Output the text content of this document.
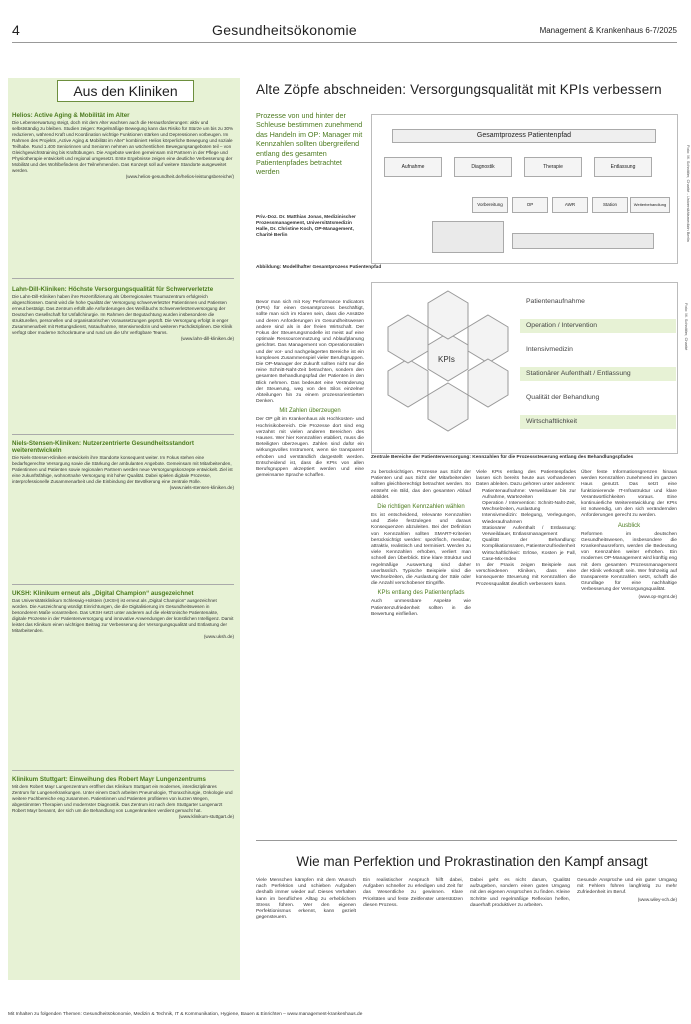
4	Gesundheitsökonomie	Management & Krankenhaus 6-7/2025
Aus den Kliniken
Helios: Active Aging & Mobilität im Alter
Die Lebenserwartung steigt, doch mit dem Alter wachsen auch die Herausforderungen: aktiv und selbstständig zu bleiben. Studien zeigen: Regelmäßige Bewegung kann das Risiko für Stürze um bis zu 30% reduzieren, während Kraft und Koordination wichtige Funktionen stärken und Depressionen vorbeugen. Im Rahmen des Projekts „Active Aging & Mobilität im Alter“ kombiniert Helios körperliche Bewegung und soziale Teilhabe. Rund 1.400 Seniorinnen und Senioren nehmen an wöchentlichen Bewegungsangeboten teil – von Gleichgewichtstraining bis Kraftübungen. Die Angebote werden gemeinsam mit Partnern in der Pflege und Physiotherapie entwickelt und regional umgesetzt. Erste Ergebnisse zeigen eine deutliche Verbesserung der Mobilität und des Wohlbefindens der Teilnehmenden. Das Konzept soll auf weitere Standorte ausgeweitet werden.
(www.helios-gesundheit.de/helios-leistungsbereiche/)
Lahn-Dill-Kliniken: Höchste Versorgungsqualität für Schwerverletzte
Die Lahn-Dill-Kliniken haben ihre Rezertifizierung als Überregionales Traumazentrum erfolgreich abgeschlossen. Damit wird die hohe Qualität der Versorgung schwerverletzter Patientinnen und Patienten erneut bestätigt. Das Zentrum erfüllt alle Anforderungen des Weißbuchs Schwerverletztenversorgung der Deutschen Gesellschaft für Unfallchirurgie. Im Rahmen der Begutachtung wurden insbesondere die strukturellen, personellen und organisatorischen Voraussetzungen geprüft. Die Versorgung erfolgt in enger Zusammenarbeit mit Rettungsdienst, Notaufnahme, Intensivmedizin und weiteren Fachdisziplinen. Die Klinik verfügt über moderne Schockräume und rund um die Uhr verfügbare Teams.
(www.lahn-dill-kliniken.de)
Niels-Stensen-Kliniken: Nutzerzentrierte Gesundheitsstandort weiterentwickeln
Die Niels-Stensen-Kliniken entwickeln ihre Standorte konsequent weiter. Im Fokus stehen eine bedarfsgerechte Versorgung sowie die Stärkung der ambulanten Angebote. Gemeinsam mit Mitarbeitenden, Patientinnen und Patienten sowie regionalen Partnern werden neue Versorgungskonzepte entwickelt. Ziel ist eine zukunftsfähige, wohnortnahe Versorgung mit hoher Qualität. Dabei spielen digitale Prozesse, interprofessionelle Zusammenarbeit und die Einbindung der Bevölkerung eine zentrale Rolle.
(www.niels-stensen-kliniken.de)
UKSH: Klinikum erneut als „Digital Champion“ ausgezeichnet
Das Universitätsklinikum Schleswig-Holstein (UKSH) ist erneut als „Digital Champion“ ausgezeichnet worden. Die Auszeichnung würdigt Einrichtungen, die die Digitalisierung im Gesundheitswesen in besonderem Maße vorantreiben. Das UKSH setzt unter anderem auf die elektronische Patientenakte, digitale Prozesse in der Patientenversorgung und innovative Anwendungen der künstlichen Intelligenz. Damit leistet das Klinikum einen wichtigen Beitrag zur Verbesserung der Versorgungsqualität und Entlastung der Mitarbeitenden.
(www.uksh.de)
Klinikum Stuttgart: Einweihung des Robert Mayr Lungenzentrums
Mit dem Robert Mayr Lungenzentrum eröffnet das Klinikum Stuttgart ein modernes, interdisziplinäres Zentrum für Lungenerkrankungen. Unter einem Dach arbeiten Pneumologie, Thoraxchirurgie, Onkologie und weitere Fachbereiche eng zusammen. Patientinnen und Patienten profitieren von kurzen Wegen, abgestimmten Therapien und modernster Diagnostik. Das Zentrum ist nach dem Stuttgarter Lungenarzt Robert Mayr benannt, der sich um die Behandlung von Lungenkranken verdient gemacht hat.
(www.klinikum-stuttgart.de)
Alte Zöpfe abschneiden: Versorgungsqualität mit KPIs verbessern
Prozesse von und hinter der Schleuse bestimmen zunehmend das Handeln im OP: Manager mit Kennzahlen sollten übergreifend entlang des gesamten Patientenpfades betrachtet werden
Priv.-Doz. Dr. Matthias Jonas, Medizinischer Prozessmanagement, Universitätsmedizin Halle, Dr. Christine Koch, OP-Management, Charité Berlin
Gesamtprozess Patientenpfad
Aufnahme	Diagnostik	Therapie	Entlassung
Vorbereitung	OP	AWR	Station	Weiterbehandlung	Foto: M. Schnittler, Charité - Universitätsmedizin Berlin
Abbildung: Modellhafter Gesamtprozess Patientenpfad
KPIs
Patientenaufnahme
Operation / Intervention
Intensivmedizin
Stationärer Aufenthalt / Entlassung
Qualität der Behandlung
Wirtschaftlichkeit
Foto: M. Schnittler, Charité
Zentrale Bereiche der Patientenversorgung: Kennzahlen für die Prozesssteuerung entlang des Behandlungspfades
Bevor man sich mit Key Performance Indicators (KPIs) für einen Gesamtprozess beschäftigt, sollte man sich im Klaren sein, dass die Ansätze und deren Anforderungen im Gesundheitswesen andere sind als in der freien Wirtschaft. Der Fokus der Steuerungsmodelle ist meist auf eine optimale Ressourcennutzung und Ablaufplanung gerichtet. Das Management von Operationssälen und der vor- und nachgelagerten Bereiche ist ein komplexes Zusammenspiel vieler Berufsgruppen. Die OP-Manager der Zukunft sollten nicht nur die reine Schnitt-Naht-Zeit betrachten, sondern den gesamten Behandlungspfad der Patienten in den Blick nehmen. Das bedeutet eine Veränderung der Steuerung, weg von den Silos einzelner Abteilungen hin zu einem prozessorientierten Denken.
Mit Zahlen überzeugen
Der OP gilt im Krankenhaus als Hochkosten- und Hochrisikobereich. Die Prozesse dort sind eng verzahnt mit vielen anderen Bereichen des Hauses. Wer hier Kennzahlen etabliert, muss die Beteiligten überzeugen. Zahlen sind dafür ein wirkungsvolles Instrument, wenn sie transparent erhoben und verständlich dargestellt werden. Entscheidend ist, dass die KPIs von allen Berufsgruppen akzeptiert werden und eine gemeinsame Sprache schaffen.
zu berücksichtigen. Prozesse aus Sicht der Patienten und aus Sicht der Mitarbeitenden sollten gleichberechtigt betrachtet werden. So entsteht ein Bild, das den gesamten Ablauf abbildet.
Die richtigen Kennzahlen wählen
Es ist entscheidend, relevante Kennzahlen und Ziele festzulegen und daraus Konsequenzen abzuleiten. Bei der Definition von Kennzahlen sollten SMART-Kriterien berücksichtigt werden: spezifisch, messbar, attraktiv, realistisch und terminiert. Werden zu viele Kennzahlen erhoben, verliert man schnell den Überblick. Eine klare Struktur und regelmäßige Auswertung sind daher unerlässlich. Typische Beispiele sind die Wechselzeiten, die Auslastung der Säle oder die Anzahl verschobener Eingriffe.
KPIs entlang des Patientenpfads
Auch unmessbare Aspekte wie Patientenzufriedenheit sollten in die Bewertung einfließen.
Viele KPIs entlang des Patientenpfades lassen sich bereits heute aus vorhandenen Daten ableiten. Dazu gehören unter anderem:
Patientenaufnahme: Verweildauer bis zur Aufnahme, Wartezeiten
Operation / Intervention: Schnitt-Naht-Zeit, Wechselzeiten, Auslastung
Intensivmedizin: Belegung, Verlegungen, Wiederaufnahmen
Stationärer Aufenthalt / Entlassung: Verweildauer, Entlassmanagement
Qualität der Behandlung: Komplikationsraten, Patientenzufriedenheit
Wirtschaftlichkeit: Erlöse, Kosten je Fall, Case-Mix-Index
In der Praxis zeigen Beispiele aus verschiedenen Kliniken, dass eine konsequente Steuerung mit Kennzahlen die Prozessqualität deutlich verbessern kann.
Über feste Informationsgrenzen hinaus werden Kennzahlen zunehmend im ganzen Haus genutzt. Das setzt eine funktionierende IT-Infrastruktur und klare Verantwortlichkeiten voraus. Eine kontinuierliche Weiterentwicklung der KPIs ist notwendig, um den sich verändernden Anforderungen gerecht zu werden.
Ausblick
Reformen im deutschen Gesundheitswesen, insbesondere die Krankenhausreform, werden die Bedeutung von Kennzahlen weiter erhöhen. Ein modernes OP-Management wird künftig eng mit dem gesamten Prozessmanagement der Klinik verknüpft sein. Wer frühzeitig auf transparente Kennzahlen setzt, schafft die Grundlage für eine nachhaltige Verbesserung der Versorgungsqualität.
(www.op-mgmt.de)
Wie man Perfektion und Prokrastination den Kampf ansagt
Viele Menschen kämpfen mit dem Wunsch nach Perfektion und schieben Aufgaben deshalb immer wieder auf. Dieses Verhalten kann im beruflichen Alltag zu erheblichem Stress führen. Wer den eigenen Perfektionismus erkennt, kann gezielt gegensteuern.
Ein realistischer Anspruch hilft dabei, Aufgaben schneller zu erledigen und Zeit für das Wesentliche zu gewinnen. Klare Prioritäten und feste Zeitfenster unterstützen diesen Prozess.
Dabei geht es nicht darum, Qualität aufzugeben, sondern einen guten Umgang mit den eigenen Ansprüchen zu finden. Kleine Schritte und regelmäßige Reflexion helfen, dauerhaft produktiver zu arbeiten.
Gesunde Ansprüche und ein guter Umgang mit Fehlern führen langfristig zu mehr Zufriedenheit im Beruf.
(www.wiley-vch.de)
Mit Inhalten zu folgenden Themen: Gesundheitsökonomie, Medizin & Technik, IT & Kommunikation, Hygiene, Bauen & Einrichten – www.management-krankenhaus.de
